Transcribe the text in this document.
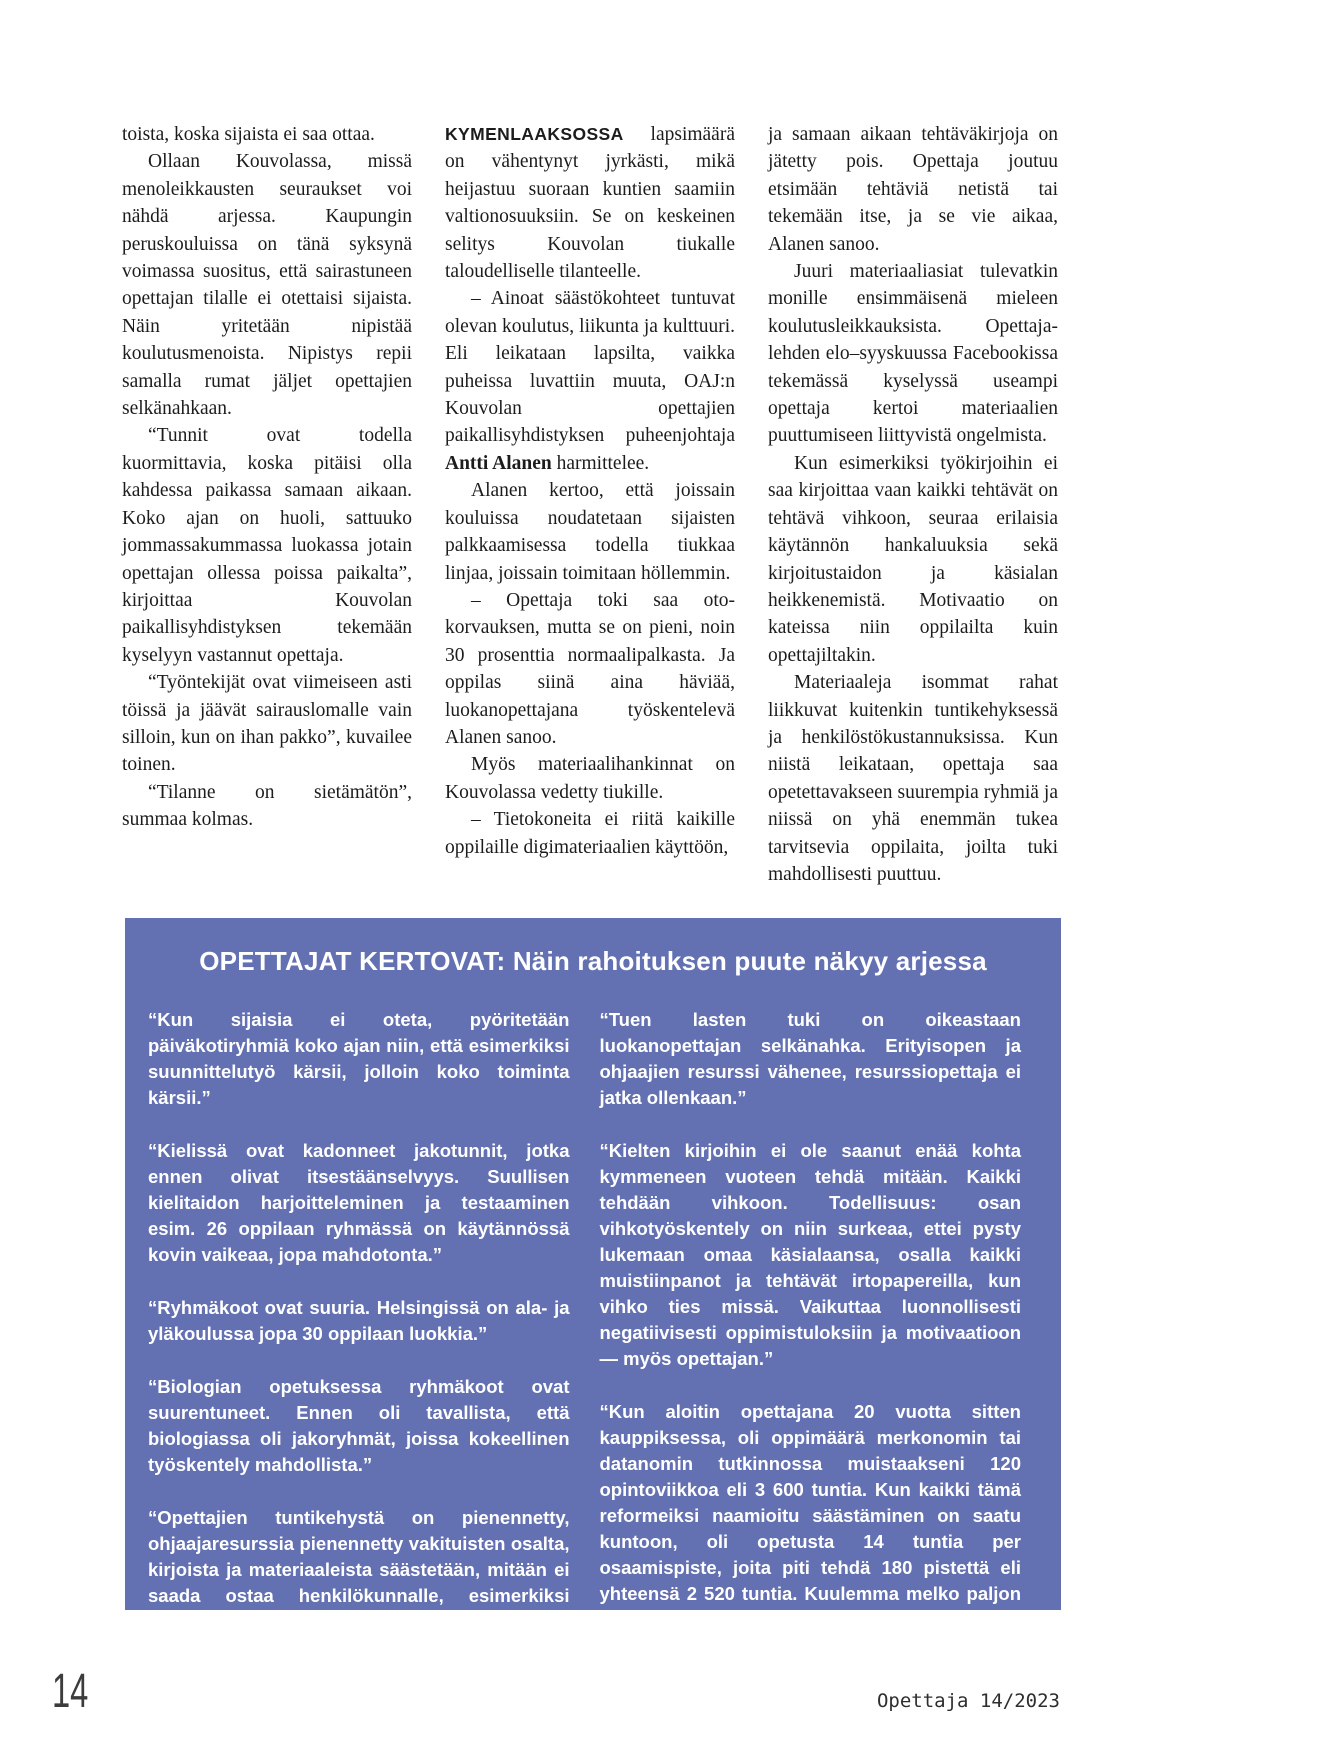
toista, koska sijaista ei saa ottaa.

Ollaan Kouvolassa, missä menoleikkausten seuraukset voi nähdä arjessa. Kaupungin peruskouluissa on tänä syksynä voimassa suositus, että sairastuneen opettajan tilalle ei otettaisi sijaista. Näin yritetään nipistää koulutusmenoista. Nipistys repii samalla rumat jäljet opettajien selkänahkaan.

“Tunnit ovat todella kuormittavia, koska pitäisi olla kahdessa paikassa samaan aikaan. Koko ajan on huoli, sattuuko jommassakummassa luokassa jotain opettajan ollessa poissa paikalta”, kirjoittaa Kouvolan paikallisyhdistyksen tekemään kyselyyn vastannut opettaja.

“Työntekijät ovat viimeiseen asti töissä ja jäävät sairauslomalle vain silloin, kun on ihan pakko”, kuvailee toinen.

“Tilanne on sietämätön”, summaa kolmas.

KYMENLAAKSOSSA lapsimäärä on vähentynyt jyrkästi, mikä heijastuu suoraan kuntien saamiin valtionosuuksiin. Se on keskeinen selitys Kouvolan tiukalle taloudelliselle tilanteelle.

– Ainoat säästökohteet tuntuvat olevan koulutus, liikunta ja kulttuuri. Eli leikataan lapsilta, vaikka puheissa luvattiin muuta, OAJ:n Kouvolan opettajien paikallisyhdistyksen puheenjohtaja Antti Alanen harmittelee.

Alanen kertoo, että joissain kouluissa noudatetaan sijaisten palkkaamisessa todella tiukkaa linjaa, joissain toimitaan höllemmin.

– Opettaja toki saa oto-korvauksen, mutta se on pieni, noin 30 prosenttia normaalipalkasta. Ja oppilas siinä aina häviää, luokanopettajana työskentelevä Alanen sanoo.

Myös materiaalihankinnat on Kouvolassa vedetty tiukille.

– Tietokoneita ei riitä kaikille oppilaille digimateriaalien käyttöön,

ja samaan aikaan tehtäväkirjoja on jätetty pois. Opettaja joutuu etsimään tehtäviä netistä tai tekemään itse, ja se vie aikaa, Alanen sanoo.

Juuri materiaaliasiat tulevatkin monille ensimmäisenä mieleen koulutusleikkauksista. Opettaja-lehden elo–syyskuussa Facebookissa tekemässä kyselyssä useampi opettaja kertoi materiaalien puuttumiseen liittyvistä ongelmista.

Kun esimerkiksi työkirjoihin ei saa kirjoittaa vaan kaikki tehtävät on tehtävä vihkoon, seuraa erilaisia käytännön hankaluuksia sekä kirjoitustaidon ja käsialan heikkenemistä. Motivaatio on kateissa niin oppilailta kuin opettajiltakin.

Materiaaleja isommat rahat liikkuvat kuitenkin tuntikehyksessä ja henkilöstökustannuksissa. Kun niistä leikataan, opettaja saa opetettavakseen suurempia ryhmiä ja niissä on yhä enemmän tukea tarvitsevia oppilaita, joilta tuki mahdollisesti puuttuu.

OPETTAJAT KERTOVAT: Näin rahoituksen puute näkyy arjessa

“Kun sijaisia ei oteta, pyöritetään päiväkotiryhmiä koko ajan niin, että esimerkiksi suunnittelutyö kärsii, jolloin koko toiminta kärsii.”

“Kielissä ovat kadonneet jakotunnit, jotka ennen olivat itsestäänselvyys. Suullisen kielitaidon harjoitteleminen ja testaaminen esim. 26 oppilaan ryhmässä on käytännössä kovin vaikeaa, jopa mahdotonta.”

“Ryhmäkoot ovat suuria. Helsingissä on ala- ja yläkoulussa jopa 30 oppilaan luokkia.”

“Biologian opetuksessa ryhmäkoot ovat suurentuneet. Ennen oli tavallista, että biologiassa oli jakoryhmät, joissa kokeellinen työskentely mahdollista.”

“Opettajien tuntikehystä on pienennetty, ohjaajaresurssia pienennetty vakituisten osalta, kirjoista ja materiaaleista säästetään, mitään ei saada ostaa henkilökunnalle, esimerkiksi vesopäivänä kahvileipää. Tyhy-toimintaan on 0 euroa.”

“Tuen lasten tuki on oikeastaan luokanopettajan selkänahka. Erityisopen ja ohjaajien resurssi vähenee, resurssiopettaja ei jatka ollenkaan.”

“Kielten kirjoihin ei ole saanut enää kohta kymmeneen vuoteen tehdä mitään. Kaikki tehdään vihkoon. Todellisuus: osan vihkotyöskentely on niin surkeaa, ettei pysty lukemaan omaa käsialaansa, osalla kaikki muistiinpanot ja tehtävät irtopapereilla, kun vihko ties missä. Vaikuttaa luonnollisesti negatiivisesti oppimistuloksiin ja motivaatioon — myös opettajan.”

“Kun aloitin opettajana 20 vuotta sitten kauppiksessa, oli oppimäärä merkonomin tai datanomin tutkinnossa muistaakseni 120 opintoviikkoa eli 3 600 tuntia. Kun kaikki tämä reformeiksi naamioitu säästäminen on saatu kuntoon, oli opetusta 14 tuntia per osaamispiste, joita piti tehdä 180 pistettä eli yhteensä 2 520 tuntia. Kuulemma melko paljon näkyy työelämässä nykyään.”

14	Opettaja 14/2023
